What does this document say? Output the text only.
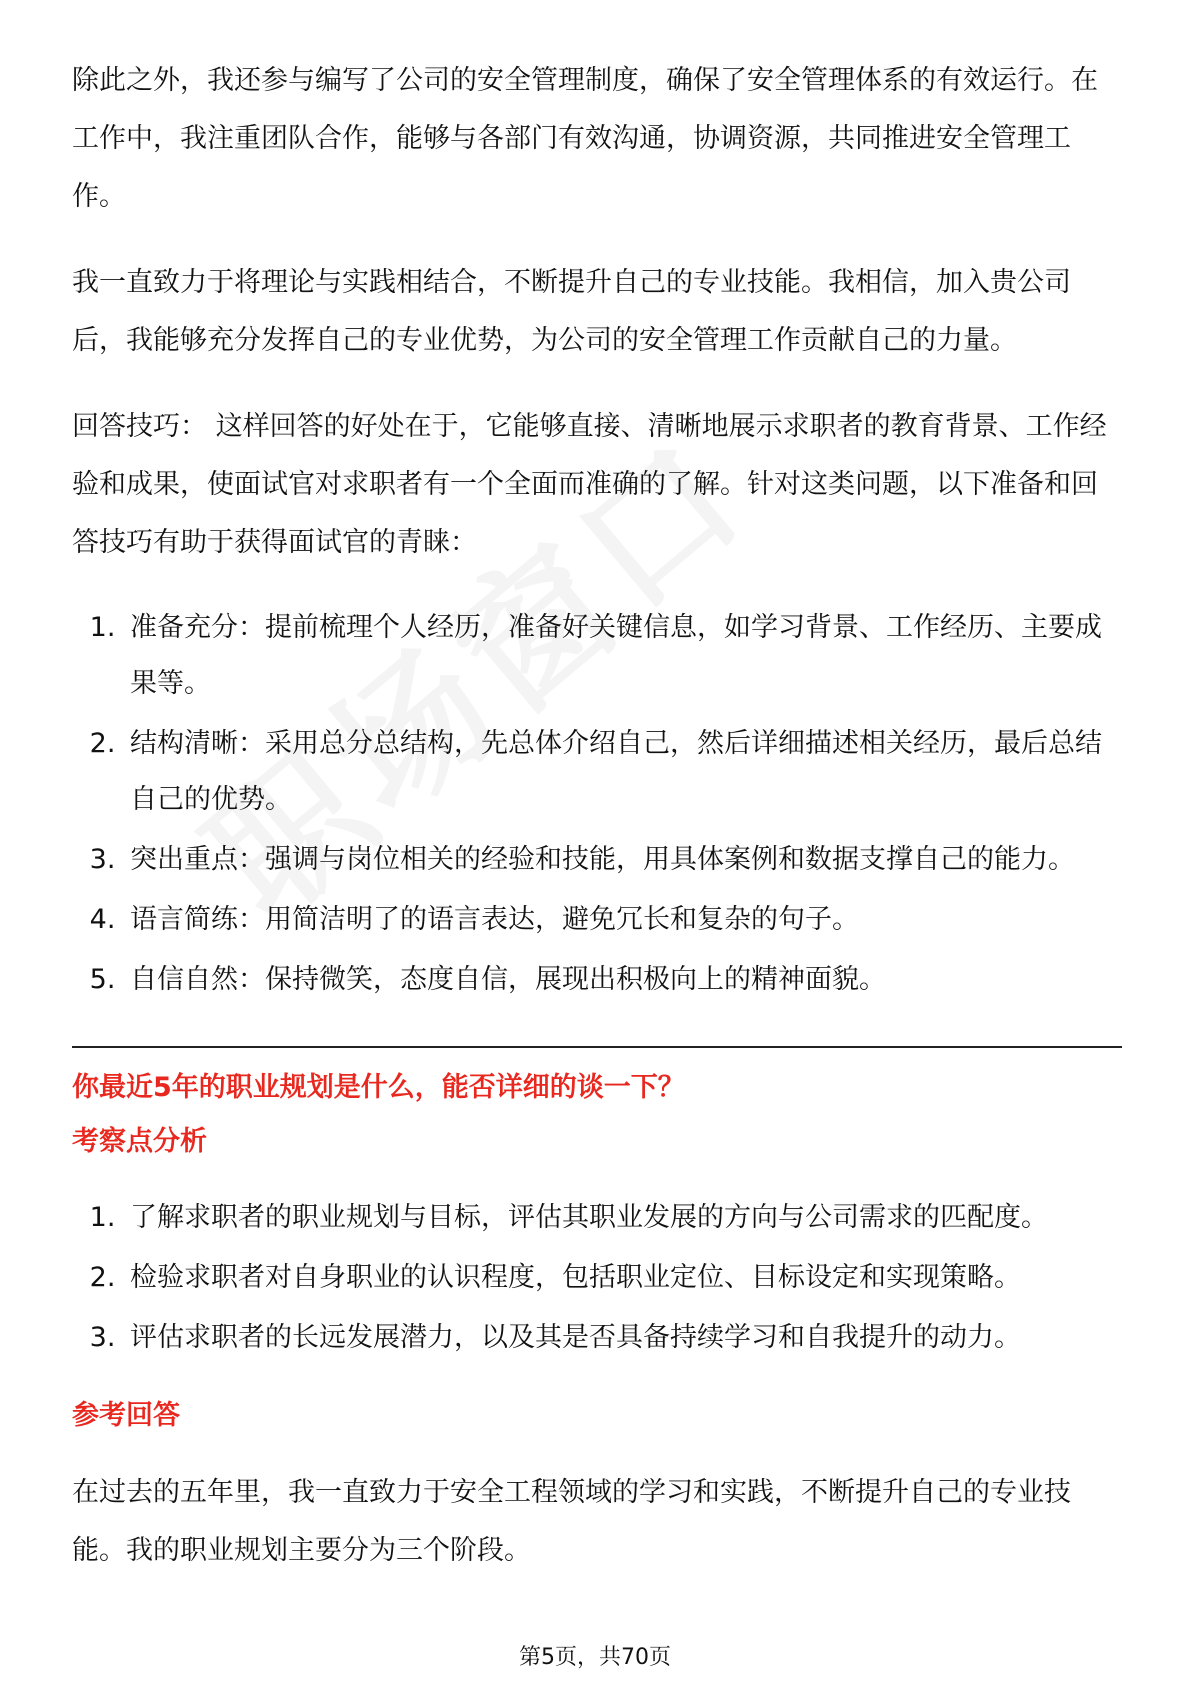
除此之外，我还参与编写了公司的安全管理制度，确保了安全管理体系的有效运行。在工作中，我注重团队合作，能够与各部门有效沟通，协调资源，共同推进安全管理工作。

我一直致力于将理论与实践相结合，不断提升自己的专业技能。我相信，加入贵公司后，我能够充分发挥自己的专业优势，为公司的安全管理工作贡献自己的力量。

回答技巧： 这样回答的好处在于，它能够直接、清晰地展示求职者的教育背景、工作经验和成果，使面试官对求职者有一个全面而准确的了解。针对这类问题，以下准备和回答技巧有助于获得面试官的青睐：

1. 准备充分：提前梳理个人经历，准备好关键信息，如学习背景、工作经历、主要成果等。
2. 结构清晰：采用总分总结构，先总体介绍自己，然后详细描述相关经历，最后总结自己的优势。
3. 突出重点：强调与岗位相关的经验和技能，用具体案例和数据支撑自己的能力。
4. 语言简练：用简洁明了的语言表达，避免冗长和复杂的句子。
5. 自信自然：保持微笑，态度自信，展现出积极向上的精神面貌。

你最近5年的职业规划是什么，能否详细的谈一下？

考察点分析

1. 了解求职者的职业规划与目标，评估其职业发展的方向与公司需求的匹配度。
2. 检验求职者对自身职业的认识程度，包括职业定位、目标设定和实现策略。
3. 评估求职者的长远发展潜力，以及其是否具备持续学习和自我提升的动力。

参考回答

在过去的五年里，我一直致力于安全工程领域的学习和实践，不断提升自己的专业技能。我的职业规划主要分为三个阶段。

第5页，共70页
